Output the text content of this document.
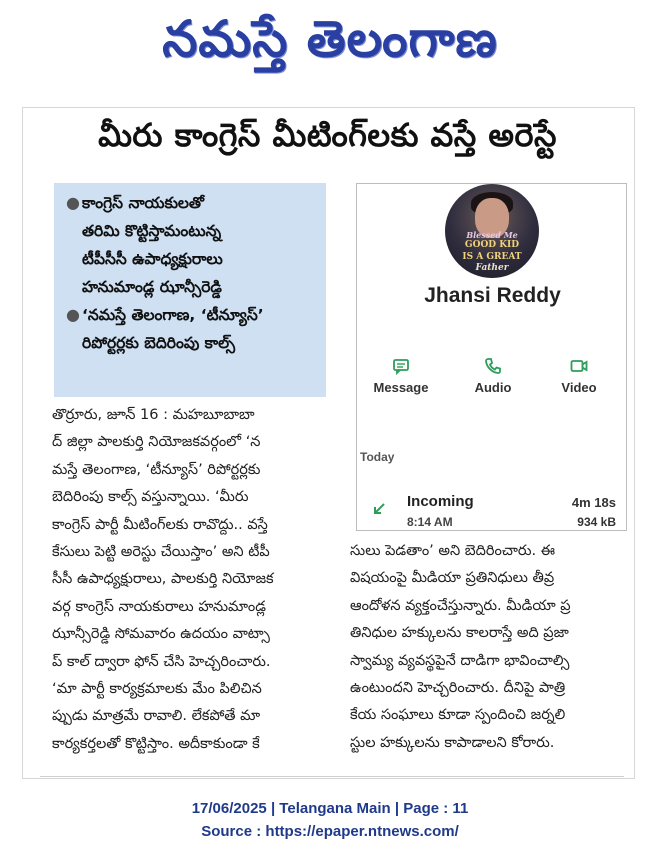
నమస్తే తెలంగాణ
మీరు కాంగ్రెస్ మీటింగ్‌లకు వస్తే అరెస్టే
● కాంగ్రెస్ నాయకులతో
తరిమి కొట్టిస్తామంటున్న
టీపీసీసీ ఉపాధ్యక్షురాలు
హనుమాండ్ల ఝాన్సీరెడ్డి
● ‘నమస్తే తెలంగాణ, ‘టీన్యూస్’
రిపోర్టర్లకు బెదిరింపు కాల్స్
Blessed Me
GOOD KID
IS A GREAT
Father
Jhansi Reddy
Message	Audio	Video
Today
Incoming
8:14 AM
4m 18s
934 kB
తొర్రూరు, జూన్ 16 : మహబూబాబా
ద్ జిల్లా పాలకుర్తి నియోజకవర్గంలో ‘న
మస్తే తెలంగాణ, ‘టీన్యూస్’ రిపోర్టర్లకు
బెదిరింపు కాల్స్ వస్తున్నాయి. ‘మీరు
కాంగ్రెస్ పార్టీ మీటింగ్‌లకు రావొద్దు.. వస్తే
కేసులు పెట్టి అరెస్టు చేయిస్తాం’ అని టీపీ
సీసీ ఉపాధ్యక్షురాలు, పాలకుర్తి నియోజక
వర్గ కాంగ్రెస్ నాయకురాలు హనుమాండ్ల
ఝాన్సీరెడ్డి సోమవారం ఉదయం వాట్సా
ప్ కాల్ ద్వారా ఫోన్ చేసి హెచ్చరించారు.
‘మా పార్టీ కార్యక్రమాలకు మేం పిలిచిన
ప్పుడు మాత్రమే రావాలి. లేకపోతే మా
కార్యకర్తలతో కొట్టిస్తాం. అదీకాకుండా కే
సులు పెడతాం’ అని బెదిరించారు. ఈ
విషయంపై మీడియా ప్రతినిధులు తీవ్ర
ఆందోళన వ్యక్తంచేస్తున్నారు. మీడియా ప్ర
తినిధుల హక్కులను కాలరాస్తే అది ప్రజా
స్వామ్య వ్యవస్థపైనే దాడిగా భావించాల్సి
ఉంటుందని హెచ్చరించారు. దీనిపై పాత్రి
కేయ సంఘాలు కూడా స్పందించి జర్నలి
స్టుల హక్కులను కాపాడాలని కోరారు.
17/06/2025 | Telangana Main | Page : 11
Source : https://epaper.ntnews.com/
